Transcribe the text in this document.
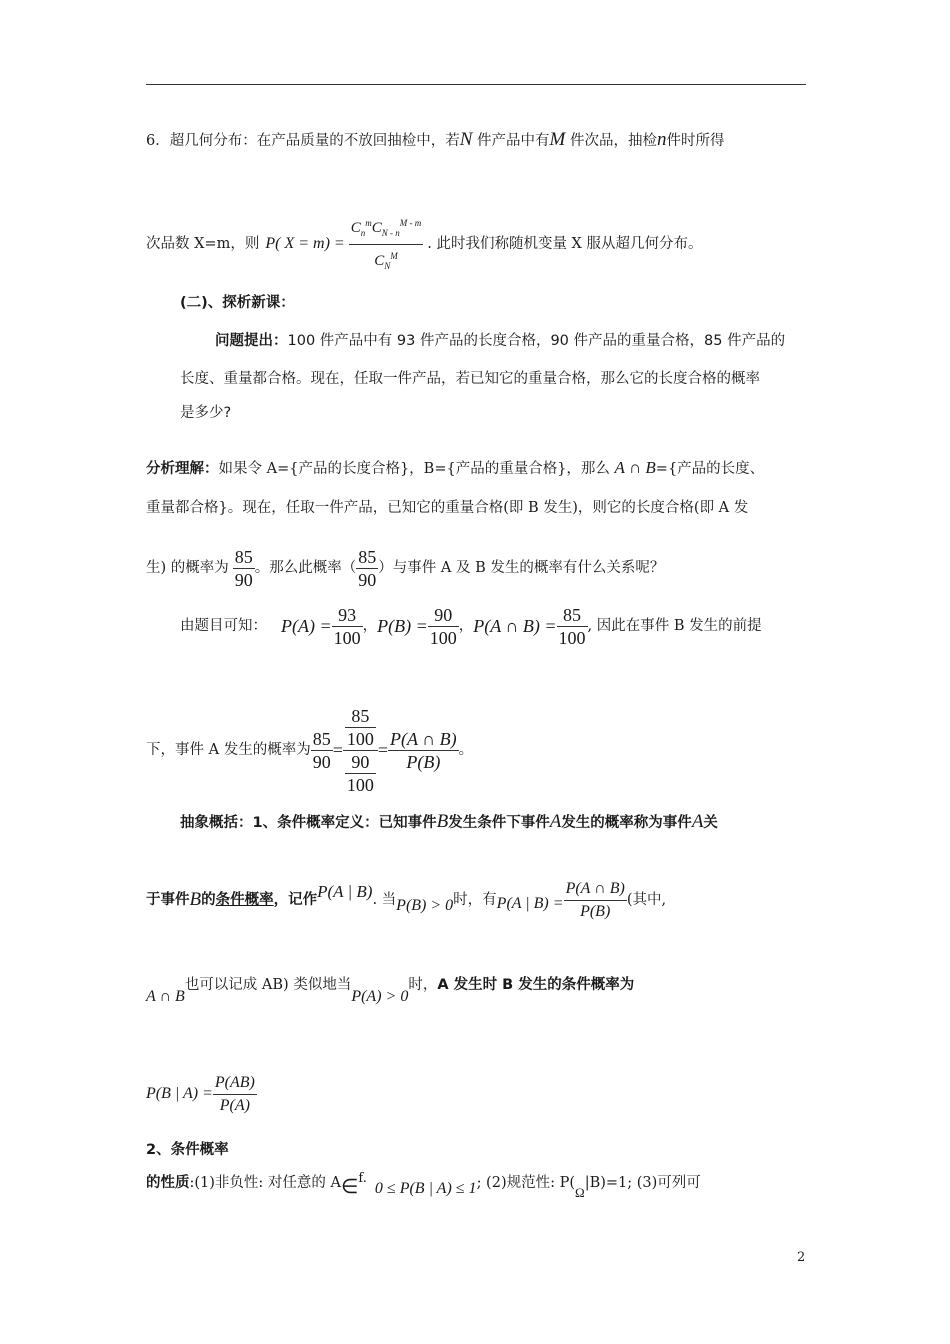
6．超几何分布：在产品质量的不放回抽检中，若N 件产品中有M 件次品，抽检n件时所得
次品数 X=m，则 P( $X = m) = \frac{C_n^mC_{N - n}^{M - m}}{C_N^M}$ . 此时我们称随机变量 X 服从超几何分布。
(二)、探析新课：
问题提出：100 件产品中有 93 件产品的长度合格，90 件产品的重量合格，85 件产品的
长度、重量都合格。现在，任取一件产品，若已知它的重量合格，那么它的长度合格的概率
是多少?
分析理解：如果令 A={产品的长度合格}，B={产品的重量合格}，那么 A ∩ B={产品的长度、
重量都合格}。现在，任取一件产品，已知它的重量合格(即 B 发生)，则它的长度合格(即 A 发
生) 的概率为 $\frac{85}{90}$ 。那么此概率（ $\frac{85}{90}$ ）与事件 A 及 B 发生的概率有什么关系呢？
由题目可知： $P(A) = \frac{93}{100}$ ， $P(B) = \frac{90}{100}$ ， P(A ∩ $B) = \frac{85}{100}$ , 因此在事件 B 发生的前提
下，事件 A 发生的概率为 $\frac{85}{90} = \frac{\frac{85}{100}}{\frac{90}{100}} = \frac{P(A \cap B)}{P(B)}$ 。
抽象概括：1、条件概率定义：已知事件B发生条件下事件A发生的概率称为事件A关
于事件 B 的 条件概率 ，记作 P(A | B) . 当 P(B) > 0 时，有 P(A | $B) = \frac{P(A \cap B)}{P(B)}$ (其中,
A ∩ B
也可以记成 AB) 类似地当
P(A) > 0
时， A 发生时 B 发生的条件概率为
P(B | $A) = \frac{P(AB)}{P(A)}$
2、条件概率
的性质 :(1)非负性: 对任意的 A ∈ f.
0 ≤ P(B | A) ≤ 1 ; (2)规范性: P(
Ω
|B)=1; (3)可列可
2
